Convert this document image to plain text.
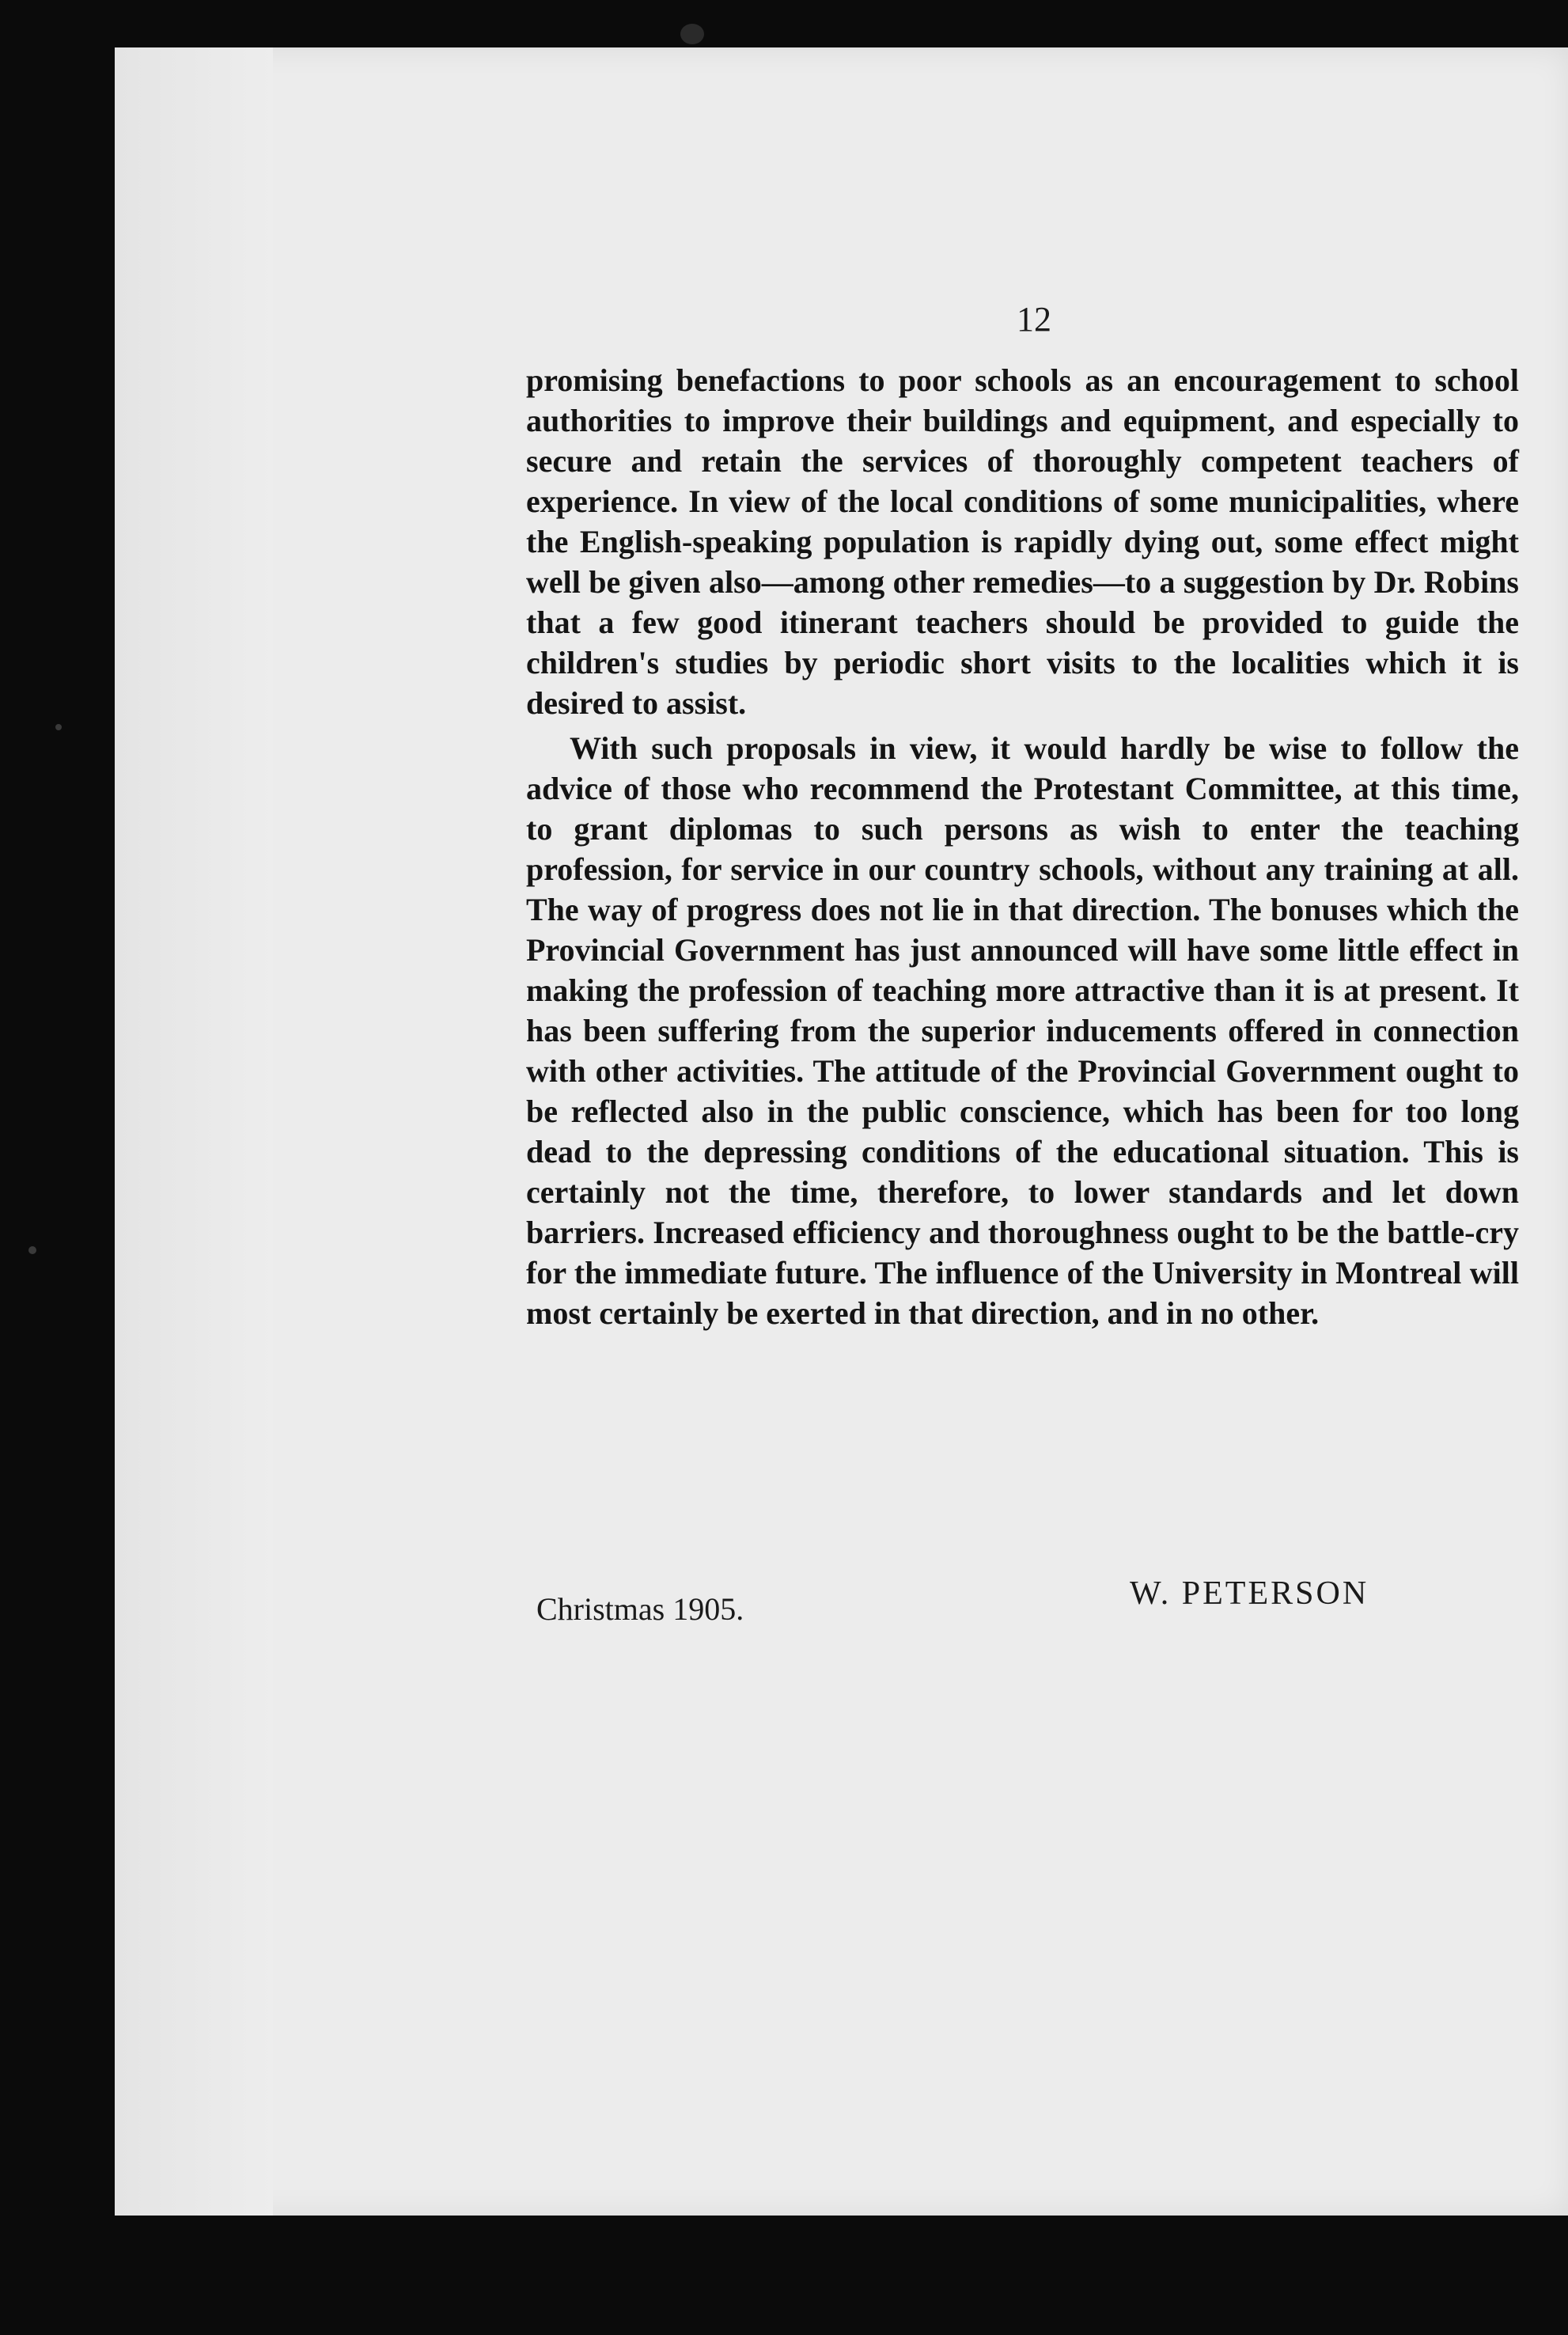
12

promising benefactions to poor schools as an encouragement to school authorities to improve their buildings and equipment, and especially to secure and retain the services of thoroughly competent teachers of experience. In view of the local conditions of some municipalities, where the English-speaking population is rapidly dying out, some effect might well be given also—among other remedies—to a suggestion by Dr. Robins that a few good itinerant teachers should be provided to guide the children's studies by periodic short visits to the localities which it is desired to assist.

With such proposals in view, it would hardly be wise to follow the advice of those who recommend the Protestant Committee, at this time, to grant diplomas to such persons as wish to enter the teaching profession, for service in our country schools, without any training at all. The way of progress does not lie in that direction. The bonuses which the Provincial Government has just announced will have some little effect in making the profession of teaching more attractive than it is at present. It has been suffering from the superior inducements offered in connection with other activities. The attitude of the Provincial Government ought to be reflected also in the public conscience, which has been for too long dead to the depressing conditions of the educational situation. This is certainly not the time, therefore, to lower standards and let down barriers. Increased efficiency and thoroughness ought to be the battle-cry for the immediate future. The influence of the University in Montreal will most certainly be exerted in that direction, and in no other.

Christmas 1905.	W. PETERSON
